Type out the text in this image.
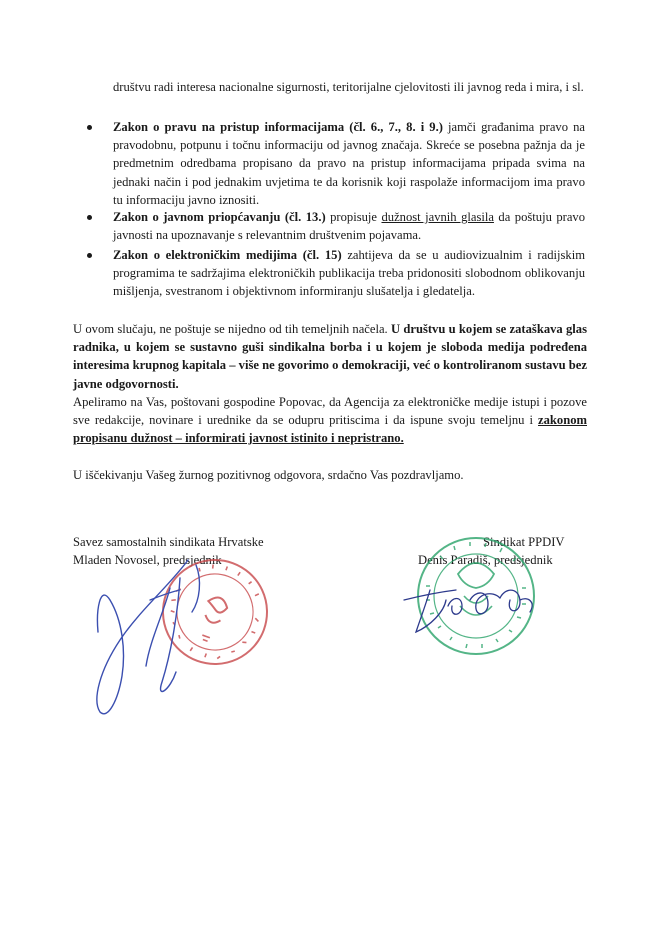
društvu radi interesa nacionalne sigurnosti, teritorijalne cjelovitosti ili javnog reda i mira, i sl.

Zakon o pravu na pristup informacijama (čl. 6., 7., 8. i 9.) jamči građanima pravo na pravodobnu, potpunu i točnu informaciju od javnog značaja. Skreće se posebna pažnja da je predmetnim odredbama propisano da pravo na pristup informacijama pripada svima na jednaki način i pod jednakim uvjetima te da korisnik koji raspolaže informacijom ima pravo tu informaciju javno iznositi.
Zakon o javnom priopćavanju (čl. 13.) propisuje dužnost javnih glasila da poštuju pravo javnosti na upoznavanje s relevantnim društvenim pojavama.
Zakon o elektroničkim medijima (čl. 15) zahtijeva da se u audiovizualnim i radijskim programima te sadržajima elektroničkih publikacija treba pridonositi slobodnom oblikovanju mišljenja, svestranom i objektivnom informiranju slušatelja i gledatelja.

U ovom slučaju, ne poštuje se nijedno od tih temeljnih načela. U društvu u kojem se zataškava glas radnika, u kojem se sustavno guši sindikalna borba i u kojem je sloboda medija podređena interesima krupnog kapitala – više ne govorimo o demokraciji, već o kontroliranom sustavu bez javne odgovornosti.

Apeliramo na Vas, poštovani gospodine Popovac, da Agencija za elektroničke medije istupi i pozove sve redakcije, novinare i urednike da se odupru pritiscima i da ispune svoju temeljnu i zakonom propisanu dužnost – informirati javnost istinito i nepristrano.

U iščekivanju Vašeg žurnog pozitivnog odgovora, srdačno Vas pozdravljamo.

Savez samostalnih sindikata Hrvatske
Mladen Novosel, predsjednik
Sindikat PPDIV
Denis Paradiš, predsjednik
